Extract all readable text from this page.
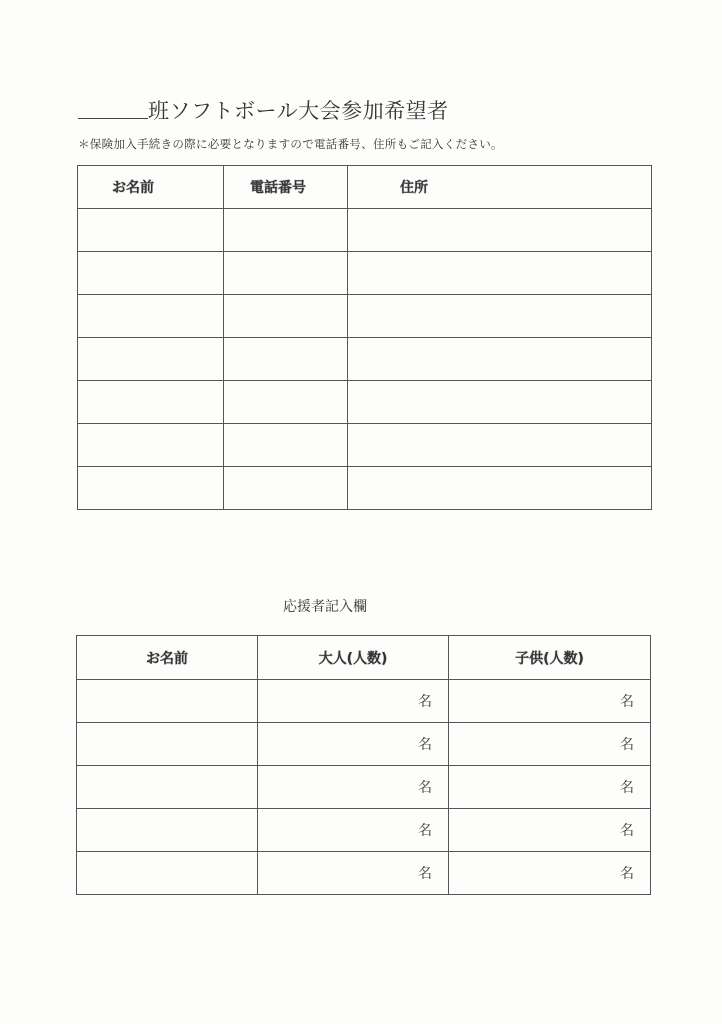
班ソフトボール大会参加希望者
＊保険加入手続きの際に必要となりますので電話番号、住所もご記入ください。
お名前	電話番号	住所

応援者記入欄
お名前	大人(人数)	子供(人数)
	名	名
	名	名
	名	名
	名	名
	名	名
